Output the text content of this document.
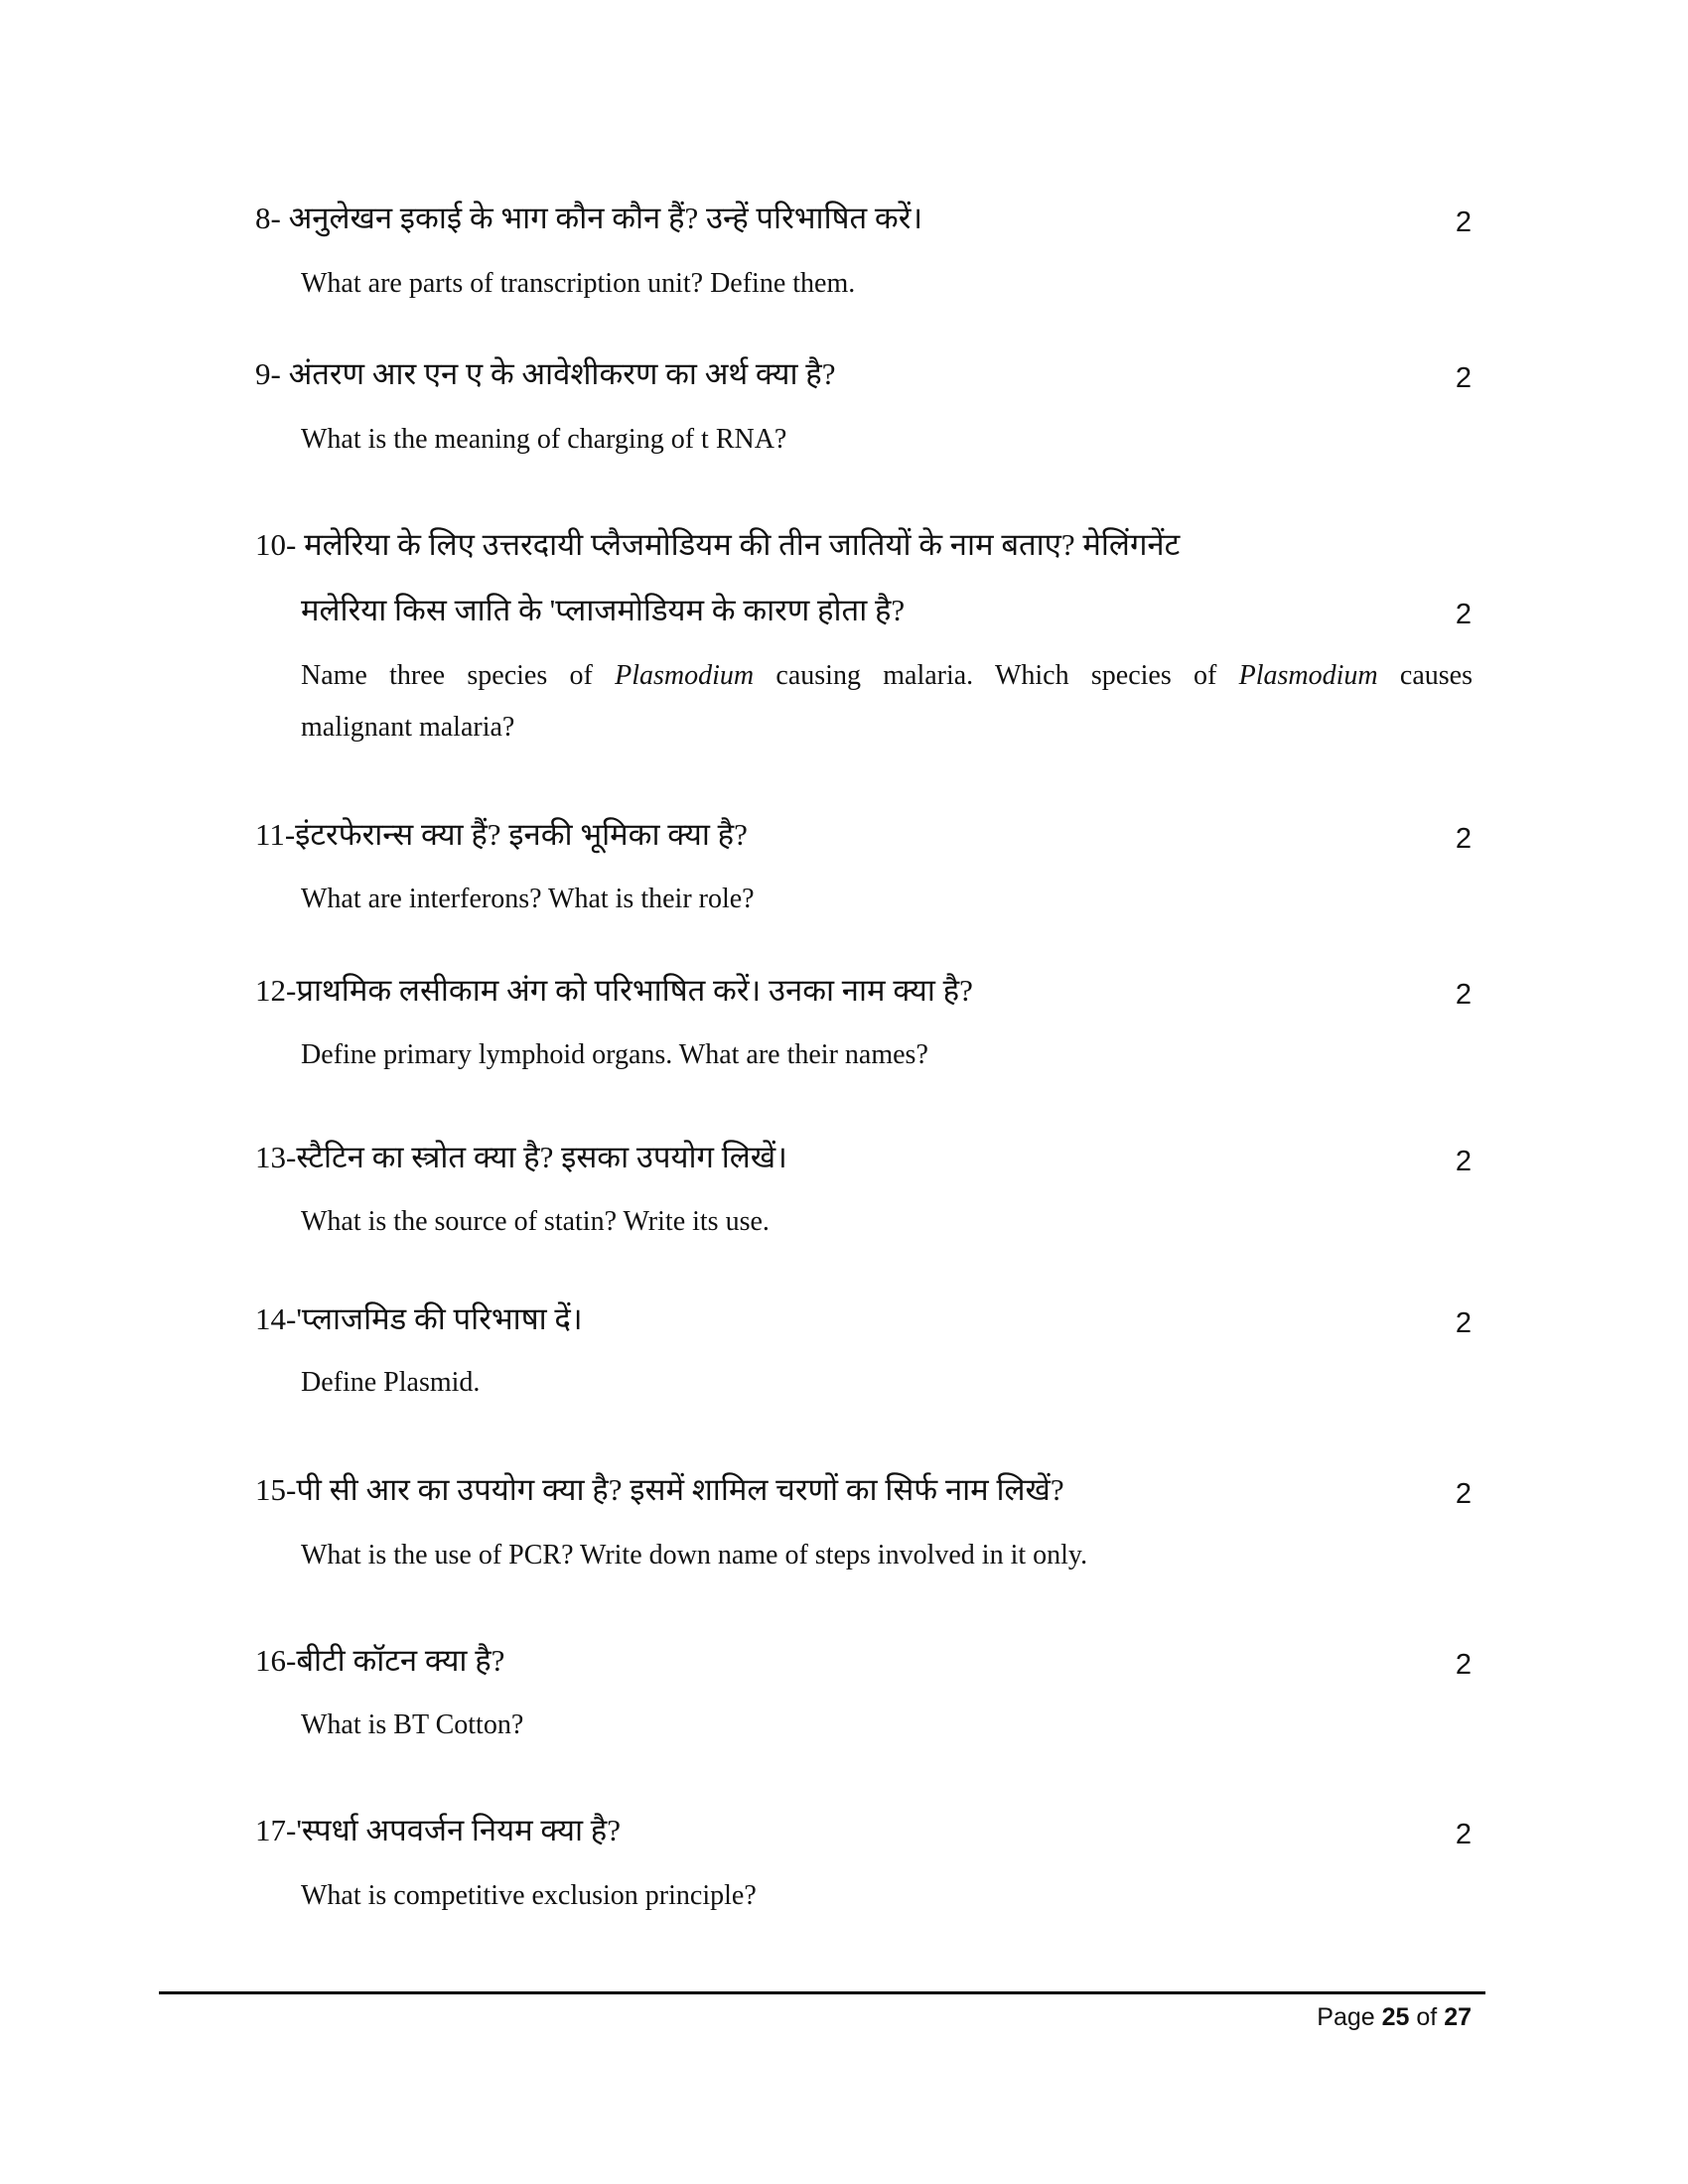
8- अनुलेखन इकाई के भाग कौन कौन हैं? उन्हें परिभाषित करें।	2
What are parts of transcription unit? Define them.
9- अंतरण आर एन ए के आवेशीकरण का अर्थ क्या है?	2
What is the meaning of charging of t RNA?
10- मलेरिया के लिए उत्तरदायी प्लैजमोडियम की तीन जातियों के नाम बताए? मेलिंगनेंट
मलेरिया किस जाति के 'प्लाजमोडियम के कारण होता है?	2
Name three species of Plasmodium causing malaria. Which species of Plasmodium causes
malignant malaria?
11-इंटरफेरान्स क्या हैं? इनकी भूमिका क्या है?	2
What are interferons? What is their role?
12-प्राथमिक लसीकाम अंग को परिभाषित करें। उनका नाम क्या है?	2
Define primary lymphoid organs. What are their names?
13-स्टैटिन का स्त्रोत क्या है? इसका उपयोग लिखें।	2
What is the source of statin? Write its use.
14-'प्लाजमिड की परिभाषा दें।	2
Define Plasmid.
15-पी सी आर का उपयोग क्या है? इसमें शामिल चरणों का सिर्फ नाम लिखें?	2
What is the use of PCR? Write down name of steps involved in it only.
16-बीटी कॉटन क्या है?	2
What is BT Cotton?
17-'स्पर्धा अपवर्जन नियम क्या है?	2
What is competitive exclusion principle?
Page 25 of 27
